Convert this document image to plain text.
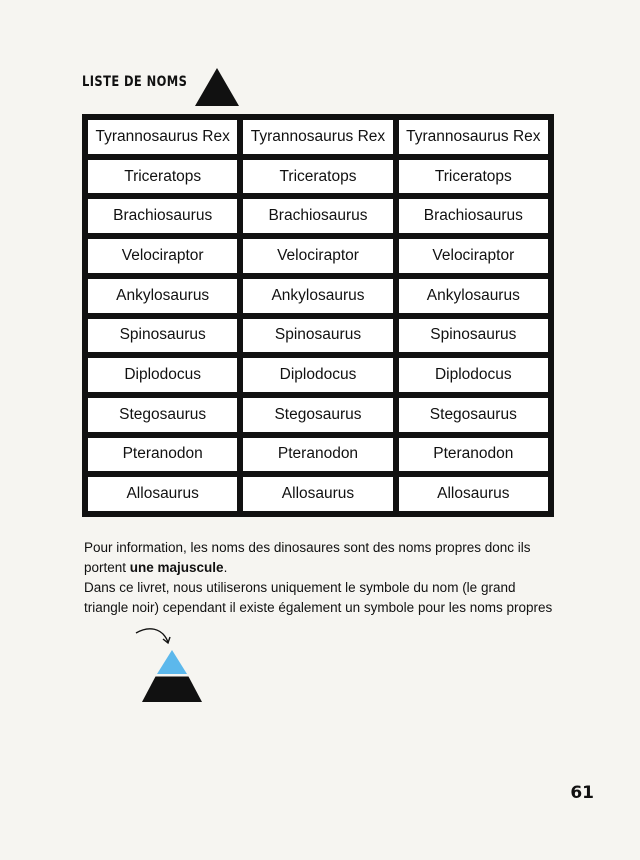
LISTE DE NOMS
Tyrannosaurus Rex	Tyrannosaurus Rex	Tyrannosaurus Rex
Triceratops	Triceratops	Triceratops
Brachiosaurus	Brachiosaurus	Brachiosaurus
Velociraptor	Velociraptor	Velociraptor
Ankylosaurus	Ankylosaurus	Ankylosaurus
Spinosaurus	Spinosaurus	Spinosaurus
Diplodocus	Diplodocus	Diplodocus
Stegosaurus	Stegosaurus	Stegosaurus
Pteranodon	Pteranodon	Pteranodon
Allosaurus	Allosaurus	Allosaurus

Pour information, les noms des dinosaures sont des noms propres donc ils portent une majuscule.

Dans ce livret, nous utiliserons uniquement le symbole du nom (le grand triangle noir) cependant il existe également un symbole pour les noms propres

61
